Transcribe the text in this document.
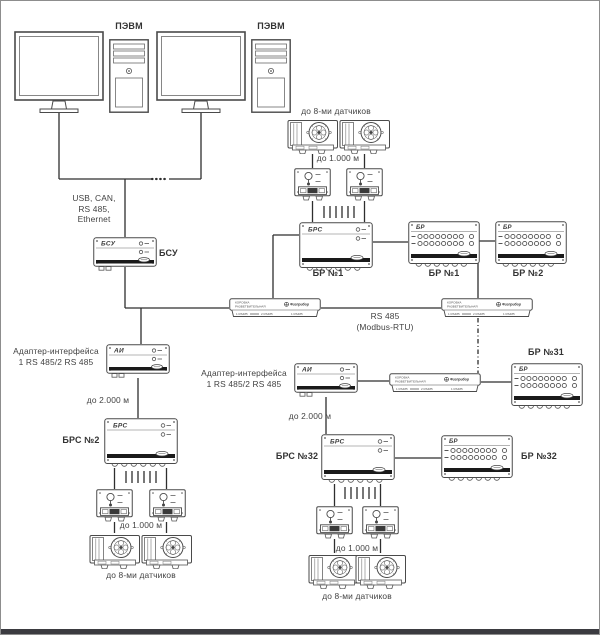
БСУ
АИ
АИ
БРС
БРС
БРС
БР	БР
БР
БР
КОРОБКА
РАЗВЕТВИТЕЛЬНАЯ	Физприбор
1 RS485	2 RS485	1 RS485
КОРОБКА
РАЗВЕТВИТЕЛЬНАЯ	Физприбор
1 RS485	2 RS485	1 RS485
КОРОБКА
РАЗВЕТВИТЕЛЬНАЯ	Физприбор
1 RS485	2 RS485	1 RS485
ПЭВМ	ПЭВМ
USB, CAN,
RS 485,
Ethernet
БСУ
до 8-ми датчиков
до 1.000 м
БР №1	БР №1	БР №2
RS 485
(Modbus-RTU)
Адаптер-интерфейса
1 RS 485/2 RS 485
Адаптер-интерфейса
1 RS 485/2 RS 485
БР №31
до 2.000 м
БРС №2
до 1.000 м
до 8-ми датчиков
до 2.000 м
БРС №32	БР №32
до 1.000 м
до 8-ми датчиков
